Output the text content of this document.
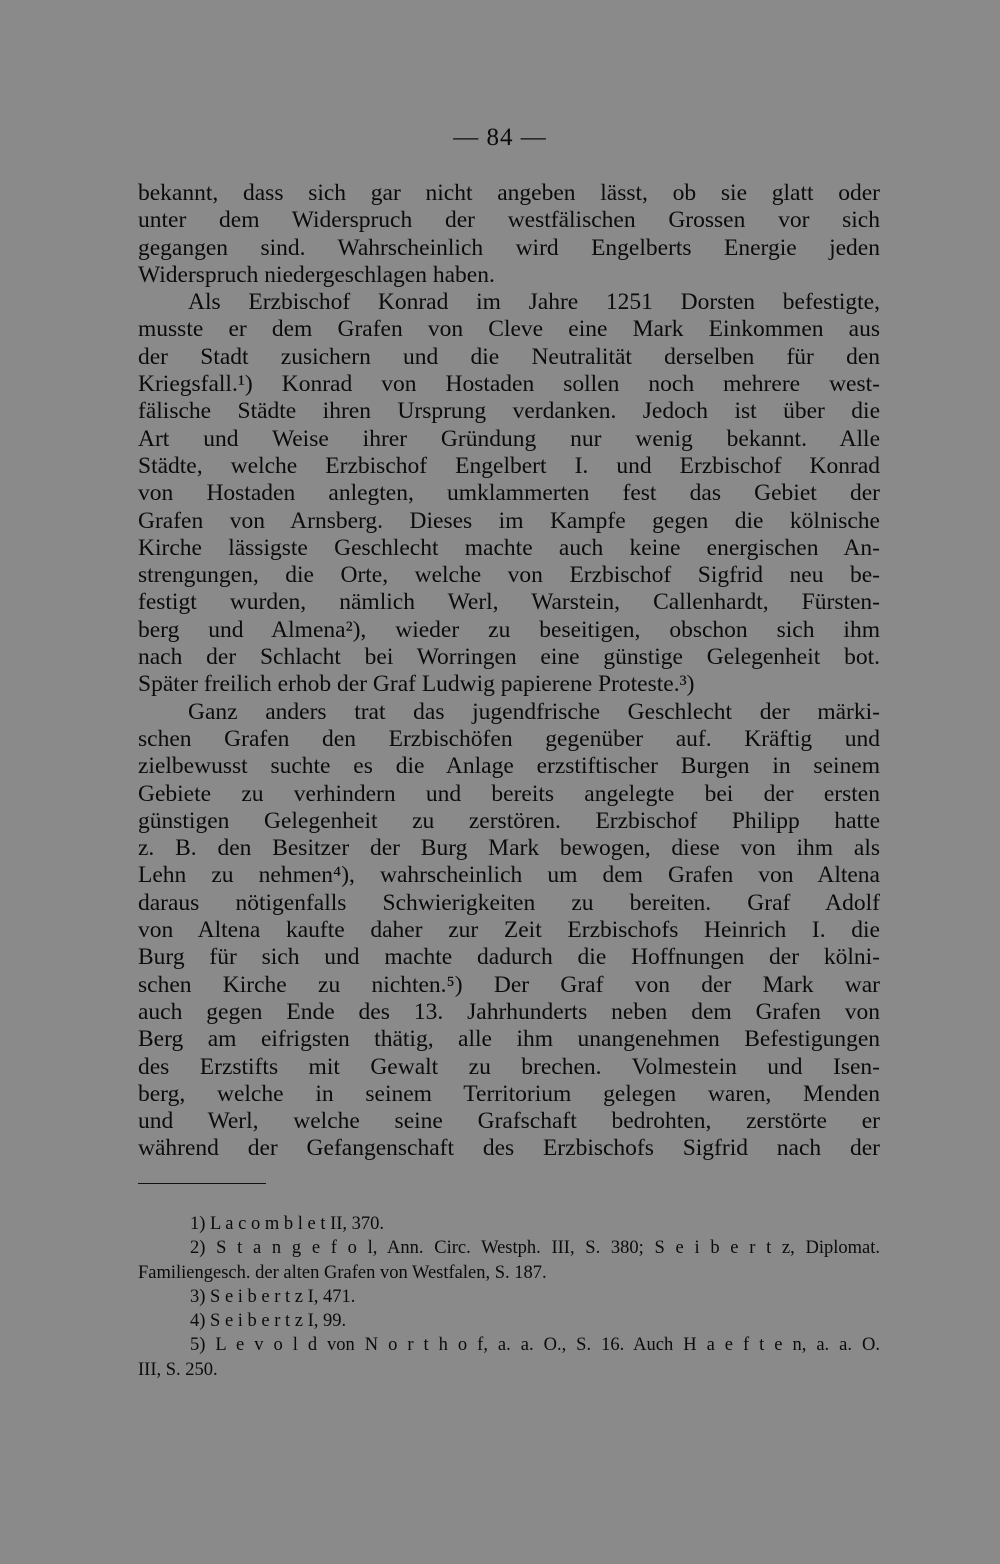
— 84 —
bekannt, dass sich gar nicht angeben lässt, ob sie glatt oder
unter dem Widerspruch der westfälischen Grossen vor sich
gegangen sind. Wahrscheinlich wird Engelberts Energie jeden
Widerspruch niedergeschlagen haben.
Als Erzbischof Konrad im Jahre 1251 Dorsten befestigte,
musste er dem Grafen von Cleve eine Mark Einkommen aus
der Stadt zusichern und die Neutralität derselben für den
Kriegsfall.¹) Konrad von Hostaden sollen noch mehrere west-
fälische Städte ihren Ursprung verdanken. Jedoch ist über die
Art und Weise ihrer Gründung nur wenig bekannt. Alle
Städte, welche Erzbischof Engelbert I. und Erzbischof Konrad
von Hostaden anlegten, umklammerten fest das Gebiet der
Grafen von Arnsberg. Dieses im Kampfe gegen die kölnische
Kirche lässigste Geschlecht machte auch keine energischen An-
strengungen, die Orte, welche von Erzbischof Sigfrid neu be-
festigt wurden, nämlich Werl, Warstein, Callenhardt, Fürsten-
berg und Almena²), wieder zu beseitigen, obschon sich ihm
nach der Schlacht bei Worringen eine günstige Gelegenheit bot.
Später freilich erhob der Graf Ludwig papierene Proteste.³)
Ganz anders trat das jugendfrische Geschlecht der märki-
schen Grafen den Erzbischöfen gegenüber auf. Kräftig und
zielbewusst suchte es die Anlage erzstiftischer Burgen in seinem
Gebiete zu verhindern und bereits angelegte bei der ersten
günstigen Gelegenheit zu zerstören. Erzbischof Philipp hatte
z. B. den Besitzer der Burg Mark bewogen, diese von ihm als
Lehn zu nehmen⁴), wahrscheinlich um dem Grafen von Altena
daraus nötigenfalls Schwierigkeiten zu bereiten. Graf Adolf
von Altena kaufte daher zur Zeit Erzbischofs Heinrich I. die
Burg für sich und machte dadurch die Hoffnungen der kölni-
schen Kirche zu nichten.⁵) Der Graf von der Mark war
auch gegen Ende des 13. Jahrhunderts neben dem Grafen von
Berg am eifrigsten thätig, alle ihm unangenehmen Befestigungen
des Erzstifts mit Gewalt zu brechen. Volmestein und Isen-
berg, welche in seinem Territorium gelegen waren, Menden
und Werl, welche seine Grafschaft bedrohten, zerstörte er
während der Gefangenschaft des Erzbischofs Sigfrid nach der
1) L a c o m b l e t II, 370.
2) S t a n g e f o l, Ann. Circ. Westph. III, S. 380; S e i b e r t z, Diplomat.
Familiengesch. der alten Grafen von Westfalen, S. 187.
3) S e i b e r t z I, 471.
4) S e i b e r t z I, 99.
5) L e v o l d von N o r t h o f, a. a. O., S. 16. Auch H a e f t e n, a. a. O.
III, S. 250.
